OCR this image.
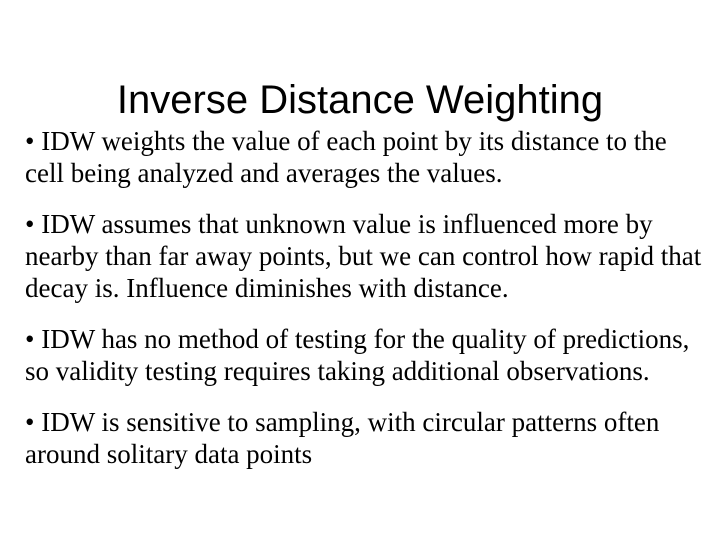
Inverse Distance Weighting
• IDW weights the value of each point by its distance to the cell being analyzed and averages the values.
• IDW assumes that unknown value is influenced more by nearby than far away points, but we can control how rapid that decay is. Influence diminishes with distance.
• IDW has no method of testing for the quality of predictions, so validity testing requires taking additional observations.
• IDW is sensitive to sampling, with circular patterns often around solitary data points
